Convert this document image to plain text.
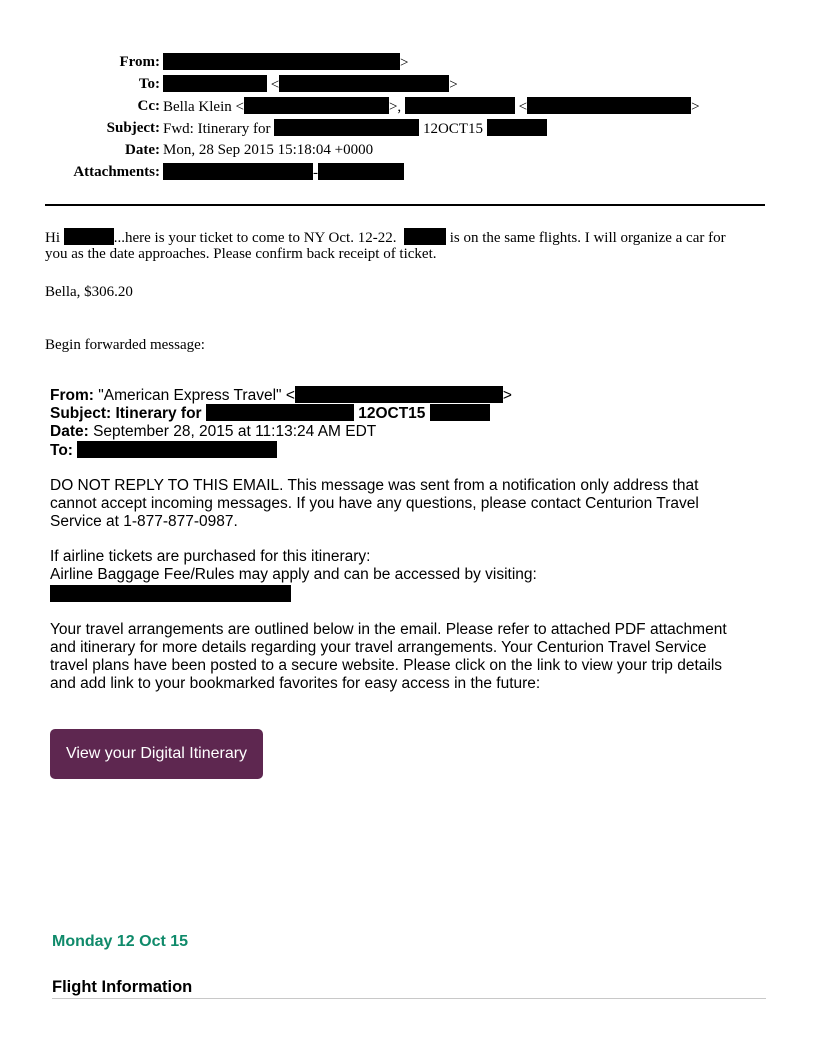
From:	>
To:	<	>
Cc: Bella Klein <	>,	<	>
Subject: Fwd: Itinerary for	12OCT15
Date: Mon, 28 Sep 2015 15:18:04 +0000
Attachments:	-
Hi	...here is your ticket to come to NY Oct. 12-22.	is on the same flights. I will organize a car for
you as the date approaches. Please confirm back receipt of ticket.
Bella, $306.20
Begin forwarded message:
From: "American Express Travel" <	>
Subject: Itinerary for	12OCT15
Date: September 28, 2015 at 11:13:24 AM EDT
To:
DO NOT REPLY TO THIS EMAIL. This message was sent from a notification only address that
cannot accept incoming messages. If you have any questions, please contact Centurion Travel
Service at 1-877-877-0987.
If airline tickets are purchased for this itinerary:
Airline Baggage Fee/Rules may apply and can be accessed by visiting:
Your travel arrangements are outlined below in the email. Please refer to attached PDF attachment
and itinerary for more details regarding your travel arrangements. Your Centurion Travel Service
travel plans have been posted to a secure website. Please click on the link to view your trip details
and add link to your bookmarked favorites for easy access in the future:
View your Digital Itinerary
Monday 12 Oct 15
Flight Information
